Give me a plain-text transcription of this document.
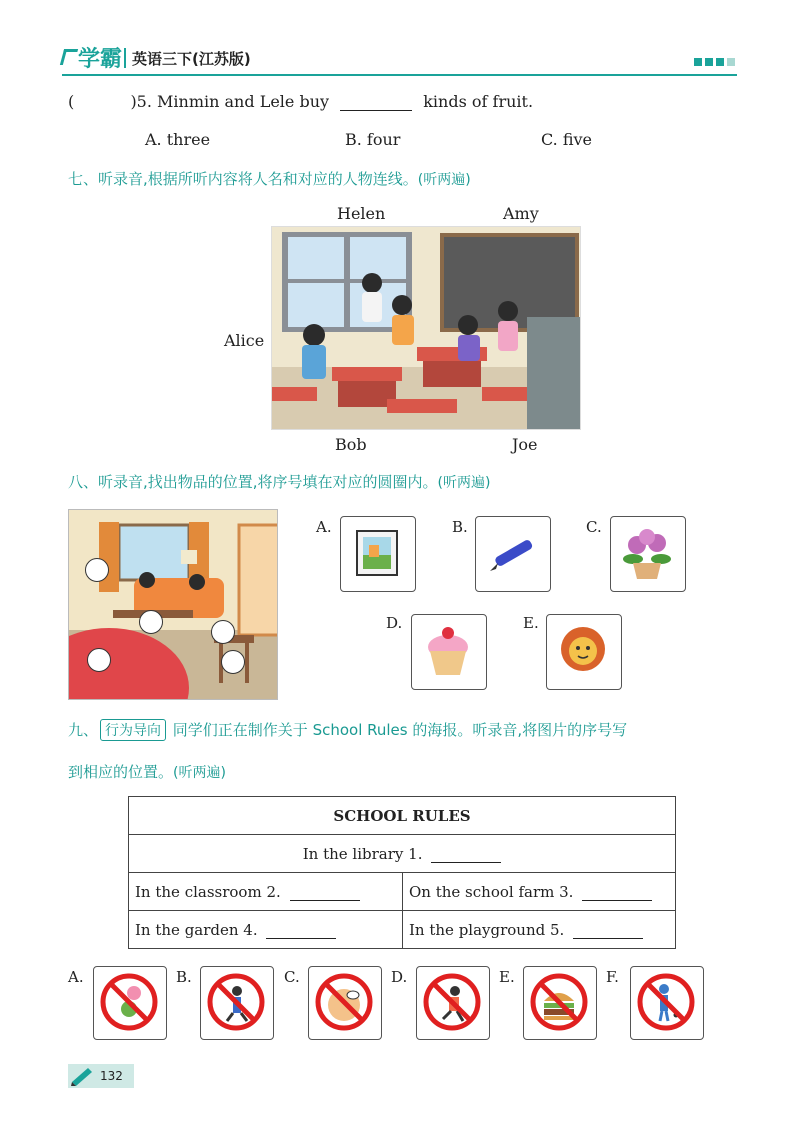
学霸 英语三下(江苏版)
(	)5. Minmin and Lele buy	kinds of fruit.
A. three	B. four	C. five
七、听录音,根据所听内容将人名和对应的人物连线。(听两遍)
Helen	Amy
Alice
Bob	Joe
八、听录音,找出物品的位置,将序号填在对应的圆圈内。(听两遍)
A.	B.	C.
D.	E.
九、 行为导向 同学们正在制作关于 School Rules 的海报。听录音,将图片的序号写
到相应的位置。(听两遍)
SCHOOL RULES	
In the library 1.	
In the classroom 2.	On the school farm 3.
In the garden 4.	In the playground 5.
A.	B.	C.	D.	E.	F.
132
